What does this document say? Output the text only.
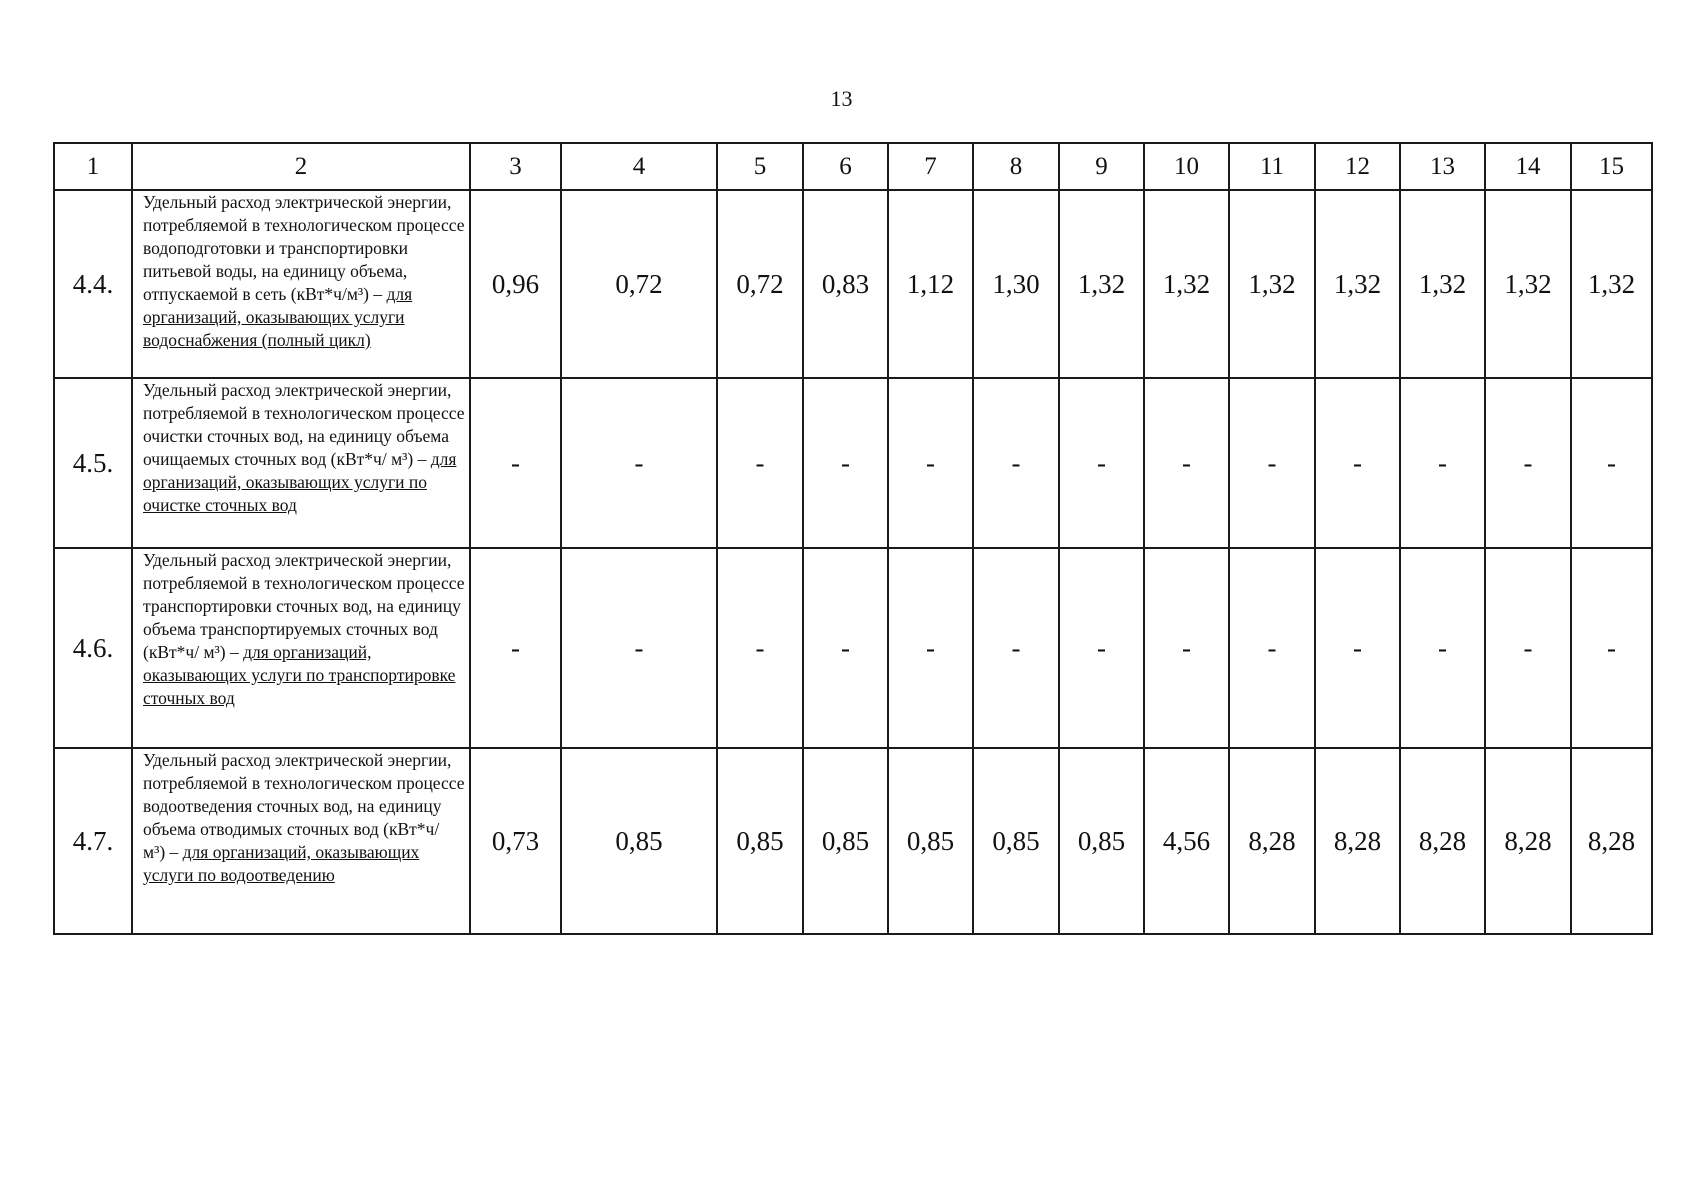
13
1	2	3	4	5	6	7	8	9	10	11	12	13	14	15
4.4.	Удельный расход электрической энергии, потребляемой в технологическом процессе водоподготовки и транспортировки питьевой воды, на единицу объема, отпускаемой в сеть (кВт*ч/м³) – для организаций, оказывающих услуги водоснабжения (полный цикл)	0,96	0,72	0,72	0,83	1,12	1,30	1,32	1,32	1,32	1,32	1,32	1,32	1,32
4.5.	Удельный расход электрической энергии, потребляемой в технологическом процессе очистки сточных вод, на единицу объема очищаемых сточных вод (кВт*ч/ м³) – для организаций, оказывающих услуги по очистке сточных вод	-	-	-	-	-	-	-	-	-	-	-	-	-
4.6.	Удельный расход электрической энергии, потребляемой в технологическом процессе транспортировки сточных вод, на единицу объема транспортируемых сточных вод (кВт*ч/ м³) – для организаций, оказывающих услуги по транспортировке сточных вод	-	-	-	-	-	-	-	-	-	-	-	-	-
4.7.	Удельный расход электрической энергии, потребляемой в технологическом процессе водоотведения сточных вод, на единицу объема отводимых сточных вод (кВт*ч/ м³) – для организаций, оказывающих услуги по водоотведению	0,73	0,85	0,85	0,85	0,85	0,85	0,85	4,56	8,28	8,28	8,28	8,28	8,28
